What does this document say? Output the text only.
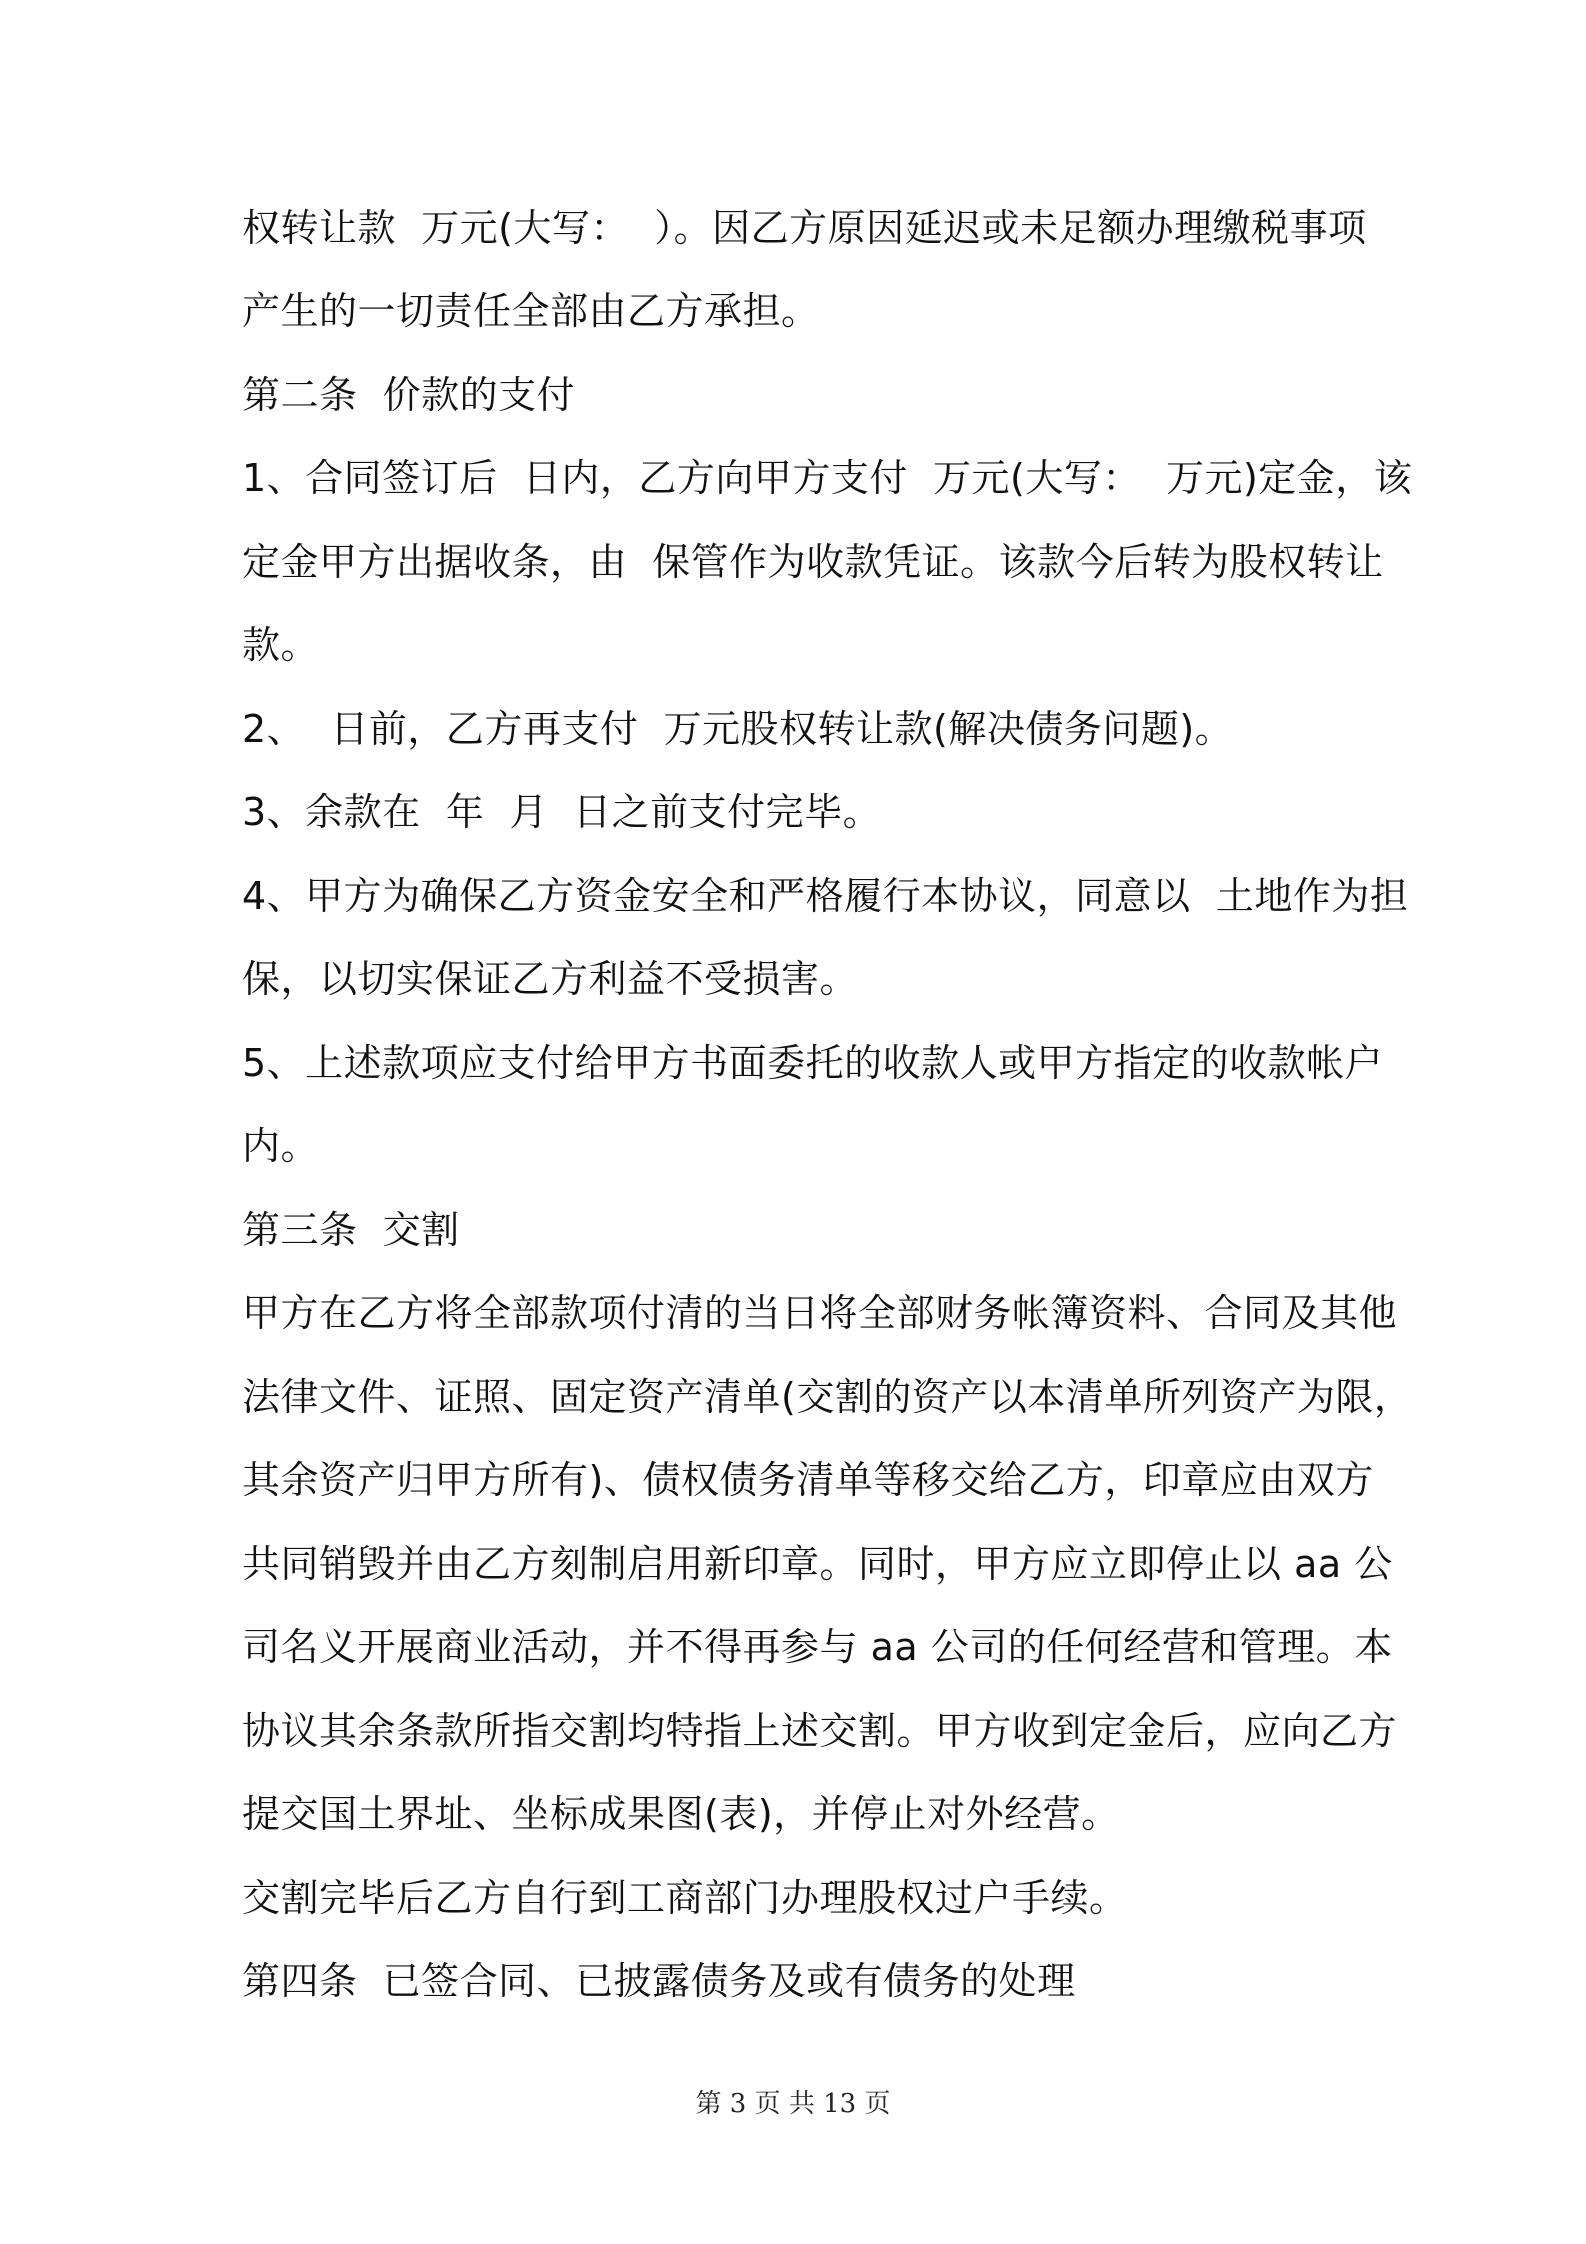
权转让款  万元(大写：  ）。因乙方原因延迟或未足额办理缴税事项
产生的一切责任全部由乙方承担。
第二条  价款的支付
1、合同签订后  日内，乙方向甲方支付  万元(大写：  万元)定金，该
定金甲方出据收条，由  保管作为收款凭证。该款今后转为股权转让
款。
2、  日前，乙方再支付  万元股权转让款(解决债务问题)。
3、余款在  年  月  日之前支付完毕。
4、甲方为确保乙方资金安全和严格履行本协议，同意以  土地作为担
保，以切实保证乙方利益不受损害。
5、上述款项应支付给甲方书面委托的收款人或甲方指定的收款帐户
内。
第三条  交割
甲方在乙方将全部款项付清的当日将全部财务帐簿资料、合同及其他
法律文件、证照、固定资产清单(交割的资产以本清单所列资产为限，
其余资产归甲方所有)、债权债务清单等移交给乙方，印章应由双方
共同销毁并由乙方刻制启用新印章。同时，甲方应立即停止以 aa 公
司名义开展商业活动，并不得再参与 aa 公司的任何经营和管理。本
协议其余条款所指交割均特指上述交割。甲方收到定金后，应向乙方
提交国土界址、坐标成果图(表)，并停止对外经营。
交割完毕后乙方自行到工商部门办理股权过户手续。
第四条  已签合同、已披露债务及或有债务的处理
第 3 页 共 13 页
